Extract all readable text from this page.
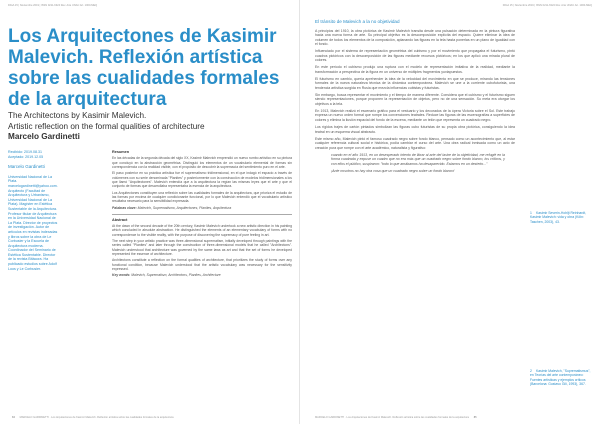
DIGA 15 | Noviembre 2019 | ISSN 0211-6324 Rev. Arte UNAC Art. 1000-MEQ
Los Arquitectones de Kasimir Malevich. Reflexión artística sobre las cualidades formales de la arquitectura
The Architectons by Kasimir Malevich.
Artistic reflection on the formal qualities of architecture
Marcelo Gardinetti
Recibido: 2019.08.31
Aceptado: 2019.12.05
Marcelo Gardinetti
Universidad Nacional de La Plata. marcelogardinetti@yahoo.com. Arquitecto (Facultad de Arquitectura y Urbanismo, Universidad Nacional de La Plata). Magíster en Estética Sustentable de la Arquitectura. Profesor titular de Arquitectura en la Universidad Nacional de La Plata. Director de proyectos de investigación. Autor de artículos en revistas indexadas y libros sobre la obra de Le Corbusier y la Escuela de Arquitectura moderna. Coordinador del Seminario de Estética Sustentable. Director de la revista Bitácora. Ha publicado estudios sobre Adolf Loos y Le Corbusier.
Resumen

En las décadas de la segunda década del siglo XX, Kasimir Malevich emprendió un nuevo rumbo artístico en su pintura que concluyó en la abstracción geométrica. Distinguió los elementos de un vocabulario elemental de formas sin correspondencia con la realidad visible, con el propósito de descubrir la supremacía del sentimiento puro en el arte.

El paso posterior en su práctica artística fue el suprematismo tridimensional, en el que indagó el espacio a través de volúmenes con su serie denominada "Planites" y posteriormente con la construcción de modelos tridimensionales a los que llamó "Arquitectones". Malevich entendía que a la arquitectura la regían las mismas leyes que el arte y que el conjunto de formas que desarrollaba representaba la esencia de la arquitectura.

Los Arquitectones constituyen una reflexión sobre las cualidades formales de la arquitectura, que prioriza el estudio de las formas por encima de cualquier condicionante funcional, por lo que Malevich entendió que el vocabulario artístico resultaba necesario para la sensibilidad expresada.

Palabras clave: Malevich, Suprematismo, Arquitectones, Planites, Arquitectura
Abstract

At the dawn of the second decade of the 20th century, Kasimir Malevich undertook a new artistic direction in his painting which concluded in absolute abstraction. He distinguished the elements of an elementary vocabulary of forms with no correspondence to the visible reality, with the purpose of discovering the supremacy of pure feeling in art.

The next step in your artistic practice was three-dimensional suprematism, initially developed through paintings with the series called "Planites" and later through the construction of three-dimensional models that he called "Architectons". Malevich understood that architecture was governed by the same laws as art and that the set of forms he developed represented the essence of architecture.

Architectons constitute a reflection on the formal qualities of architecture, that prioritizes the study of forms over any functional condition, because Malevich understood that the artistic vocabulary was necessary for the sensitivity expressed.

Key words: Malevich, Suprematism, Architectons, Planites, Architecture
84 MARCELO GARDINETTI · Los Arquitectones de Kasimir Malevich. Reflexión artística sobre las cualidades formales de la arquitectura
DIGA 15 | Noviembre 2019 | ISSN 0211-6324 Rev. Arte UNAC Art. 1000-MEQ
El tránsito de Malevich a la no objetividad

A principios del 1910, la obra pictórica de Kasimir Malevich transita desde una pulsación determinada en la pintura figurativa hacia una nueva forma de arte. Su principal objetivo es la descomposición explícita del espacio. Quiere eliminar la idea de volumen de todos los elementos de la composición, aplanando las figuras en la tela hasta ponerlas en un plano de igualdad con el fondo.

Influenciado por el sistema de representación geométrica del cubismo y por el movimiento que propagaba el futurismo, pintó cuadros pictóricos con la descomposición de las figuras mediante recursos pictóricos; en los que aplicó una mirada plural de colores.

En este período el cubismo produjo una ruptura con el modelo de representación imitativa de la realidad, mediante la transformación a perspectiva de la figura en un universo de múltiples fragmentos yuxtapuestos.

El futurismo en cambio, quería aprehender la idea de la velocidad del movimiento en que se produce, mirando las tensiones formales de la nueva naturaleza técnica de la dinámica contemporánea. Malevich se une a la corriente cubofuturista, una tendencia artística surgida en Rusia que mezcla influencias cubistas y futuristas.

Sin embargo, busca representar el movimiento y el tiempo de manera diferente. Considera que el cubismo y el futurismo siguen siendo representaciones, porque proponen la representación de objetos, pero no de una sensación. Su meta era otorgar los objetivos a la tela.

En 1913, Malevich realizó el escenario gráfico para el vestuario y los decorados de la ópera Victoria sobre el Sol. Este trabajo expresa un nuevo orden formal que rompe los convenciones teatrales. Reduce las figuras de las escenografías a superficies de colores y elimina la ilusión espacial del fondo de la escena, mediante un telón que representa un cuadrado negro.

Los rígidos trajes de cartón pintados simbolizan las figuras cubo futuristas de su propia obra pictórica, consiguiendo la idea teatral en un esquema visual abstracto.

Este mismo año, Malevich pintó el famoso cuadrado negro sobre fondo blanco, pensado como un acontecimiento que, al estar cualquier referencia cultural social e histórica, podía cambiar el curso del arte. Una obra radical inmisada como un acto de creación pura que rompe con el arte académico, naturalista y figurativo:

cuando en el año 1913, en un desesperado intento de librar al arte del lastre de la objetividad, me refugié en la forma cuadrada y expuse un cuadro que no era más que un cuadrado negro sobre fondo blanco, los críticos, y con ellos el público, suspiraron: "todo lo que amábamos ha desaparecido. Estamos en un desierto..."

¡Ante nosotros no hay otra cosa que un cuadrado negro sobre un fondo blanco!

1 Kasimir Severin-Hohljt Reinhardt, Kasimir Malevich: vida y obra (Köln: Taschen, 2003), 43.
2 Kasimir Malevich, "Suprematismus", en Teorías del arte contemporáneo: Fuentes artísticas y ejemplos críticos (Barcelona: Gustavo Gili, 1993), 367.
MARCELO GARDINETTI · Los Arquitectones de Kasimir Malevich. Reflexión artística sobre las cualidades formales de la arquitectura 85
